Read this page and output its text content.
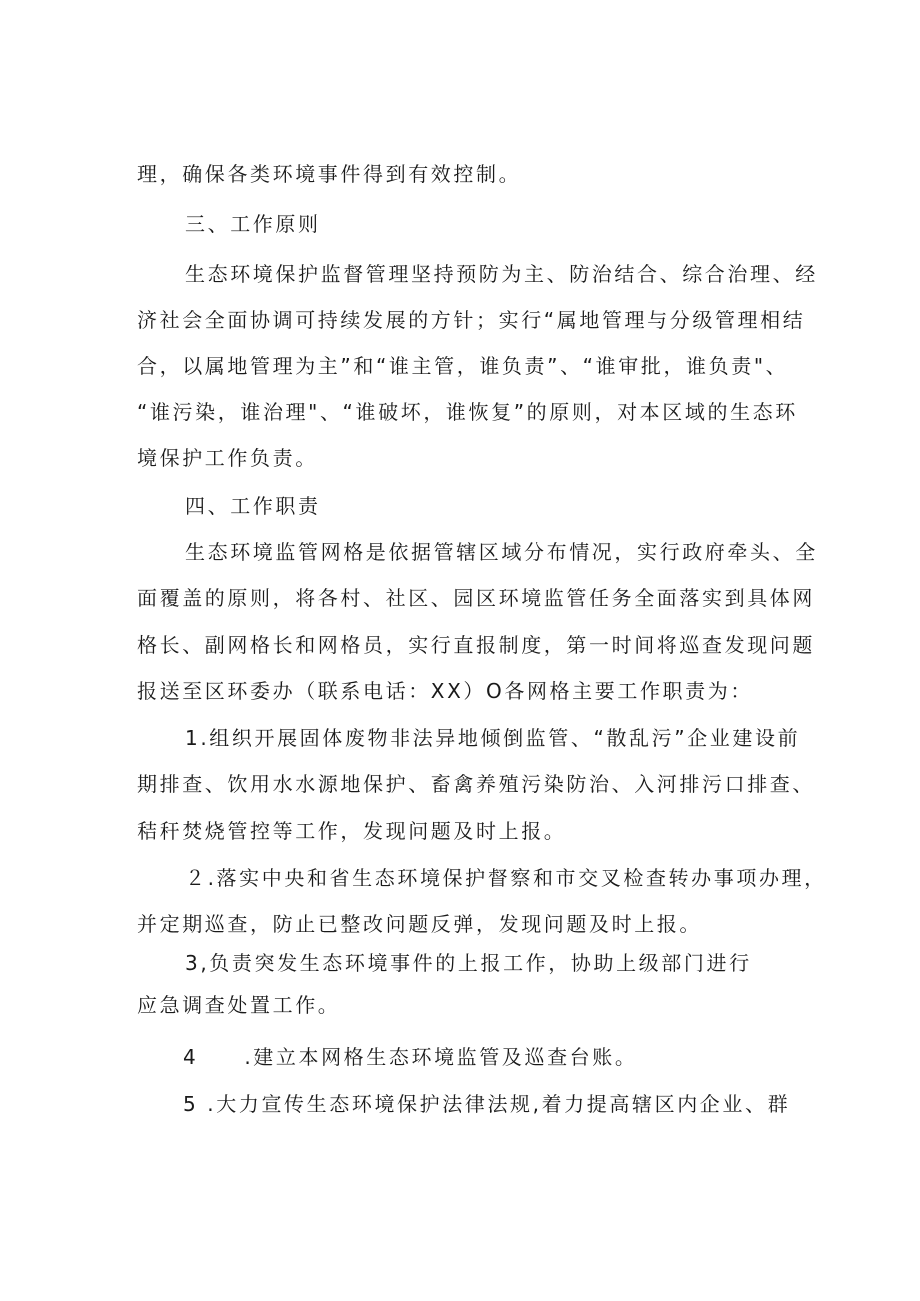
理，确保各类环境事件得到有效控制。

三、工作原则

生态环境保护监督管理坚持预防为主、防治结合、综合治理、经

济社会全面协调可持续发展的方针；实行“属地管理与分级管理相结

合，以属地管理为主”和“谁主管，谁负责”、“谁审批，谁负责"、

“谁污染，谁治理"、“谁破坏，谁恢复”的原则，对本区域的生态环

境保护工作负责。

四、工作职责

生态环境监管网格是依据管辖区域分布情况，实行政府牵头、全

面覆盖的原则，将各村、社区、园区环境监管任务全面落实到具体网

格长、副网格长和网格员，实行直报制度，第一时间将巡查发现问题

报送至区环委办（联系电话：XX）O各网格主要工作职责为：

1.组织开展固体废物非法异地倾倒监管、“散乱污”企业建设前

期排查、饮用水水源地保护、畜禽养殖污染防治、入河排污口排查、

秸秆焚烧管控等工作，发现问题及时上报。

２.落实中央和省生态环境保护督察和市交叉检查转办事项办理，

并定期巡查，防止已整改问题反弹，发现问题及时上报。

3,负责突发生态环境事件的上报工作，协助上级部门进行

应急调查处置工作。

4 .建立本网格生态环境监管及巡查台账。

5 .大力宣传生态环境保护法律法规,着力提高辖区内企业、群
